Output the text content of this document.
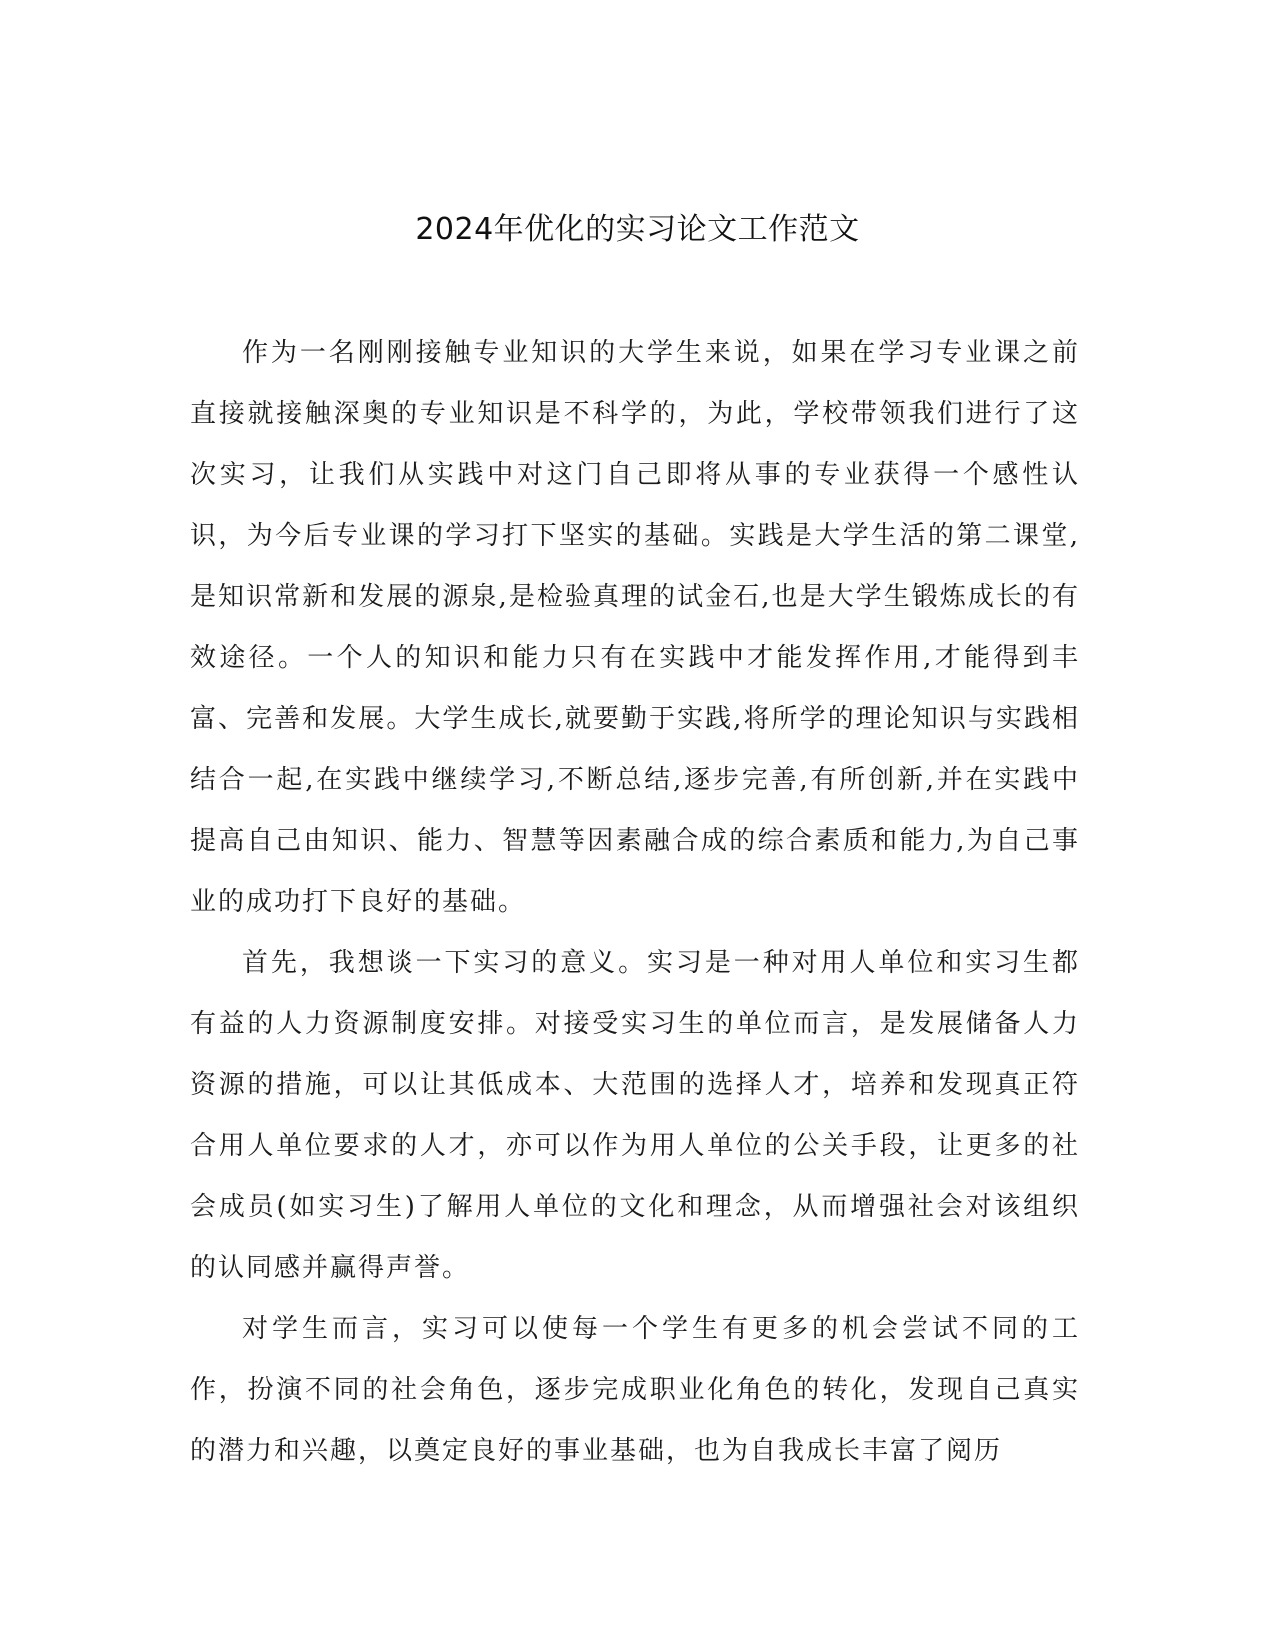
2024年优化的实习论文工作范文

作为一名刚刚接触专业知识的大学生来说，如果在学习专业课之前直接就接触深奥的专业知识是不科学的，为此，学校带领我们进行了这次实习，让我们从实践中对这门自己即将从事的专业获得一个感性认识，为今后专业课的学习打下坚实的基础。实践是大学生活的第二课堂,是知识常新和发展的源泉,是检验真理的试金石,也是大学生锻炼成长的有效途径。一个人的知识和能力只有在实践中才能发挥作用,才能得到丰富、完善和发展。大学生成长,就要勤于实践,将所学的理论知识与实践相结合一起,在实践中继续学习,不断总结,逐步完善,有所创新,并在实践中提高自己由知识、能力、智慧等因素融合成的综合素质和能力,为自己事业的成功打下良好的基础。

首先，我想谈一下实习的意义。实习是一种对用人单位和实习生都有益的人力资源制度安排。对接受实习生的单位而言，是发展储备人力资源的措施，可以让其低成本、大范围的选择人才，培养和发现真正符合用人单位要求的人才，亦可以作为用人单位的公关手段，让更多的社会成员(如实习生)了解用人单位的文化和理念，从而增强社会对该组织的认同感并赢得声誉。

对学生而言，实习可以使每一个学生有更多的机会尝试不同的工作，扮演不同的社会角色，逐步完成职业化角色的转化，发现自己真实的潜力和兴趣，以奠定良好的事业基础，也为自我成长丰富了阅历
